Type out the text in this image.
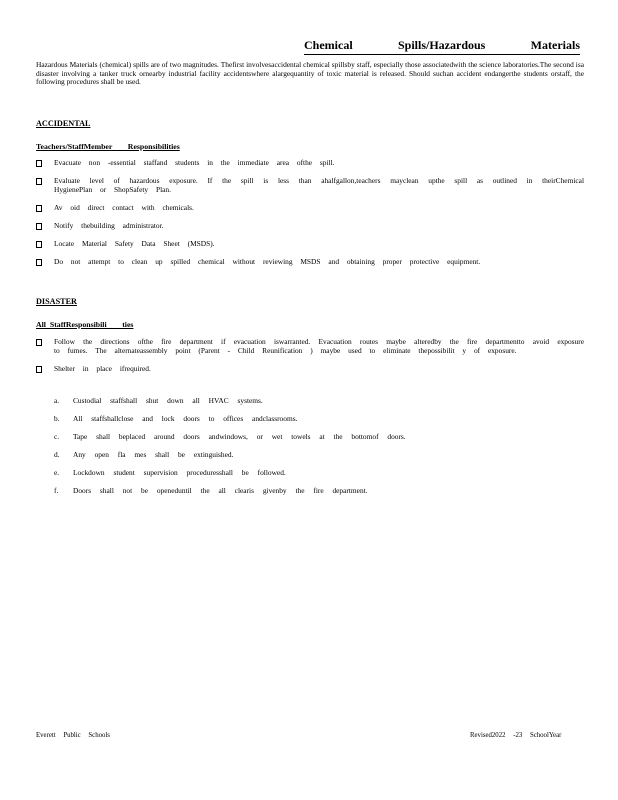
Chemical	Spills/Hazardous	Materials
Hazardous Materials (chemical) spills are of two magnitudes. Thefirst involvesaccidental chemical spillsby staff, especially those associatedwith the science laboratories.The second isa disaster involving a tanker truck ornearby industrial facility accidentswhere alargequantity of toxic material is released. Should suchan accident endangerthe students orstaff, the following procedures shall be used.
ACCIDENTAL
Teachers/StaffMember        Responsibilities
Evacuate non -essential staffand students in the immediate area ofthe spill.
Evaluate level of hazardous exposure. If the spill is less than ahalfgallon,teachers mayclean upthe spill as outlined in theirChemical HygienePlan or ShopSafety Plan.
Av oid direct contact with chemicals.
Notify thebuilding administrator.
Locate Material Safety Data Sheet (MSDS).
Do not attempt to clean up spilled chemical without reviewing MSDS and obtaining proper protective equipment.
DISASTER
All  StaffResponsibili        ties
Follow the directions ofthe fire department if evacuation iswarranted. Evacuation routes maybe alteredby the fire departmentto avoid exposure to fumes. The alternateassembly point (Parent - Child Reunification ) maybe used to eliminate thepossibilit y of exposure.
Shelter in place ifrequired.
a. Custodial staffshall shut down all HVAC systems.
b. All staffshallclose and lock doors to offices andclassrooms.
c. Tape shall beplaced around doors andwindows, or wet towels at the bottomof doors.
d. Any open fla mes shall be extinguished.
e. Lockdown student supervision proceduresshall be followed.
f. Doors shall not be openeduntil the all clearis givenby the fire department.
Everett Public Schools	Revised2022 -23 SchoolYear
